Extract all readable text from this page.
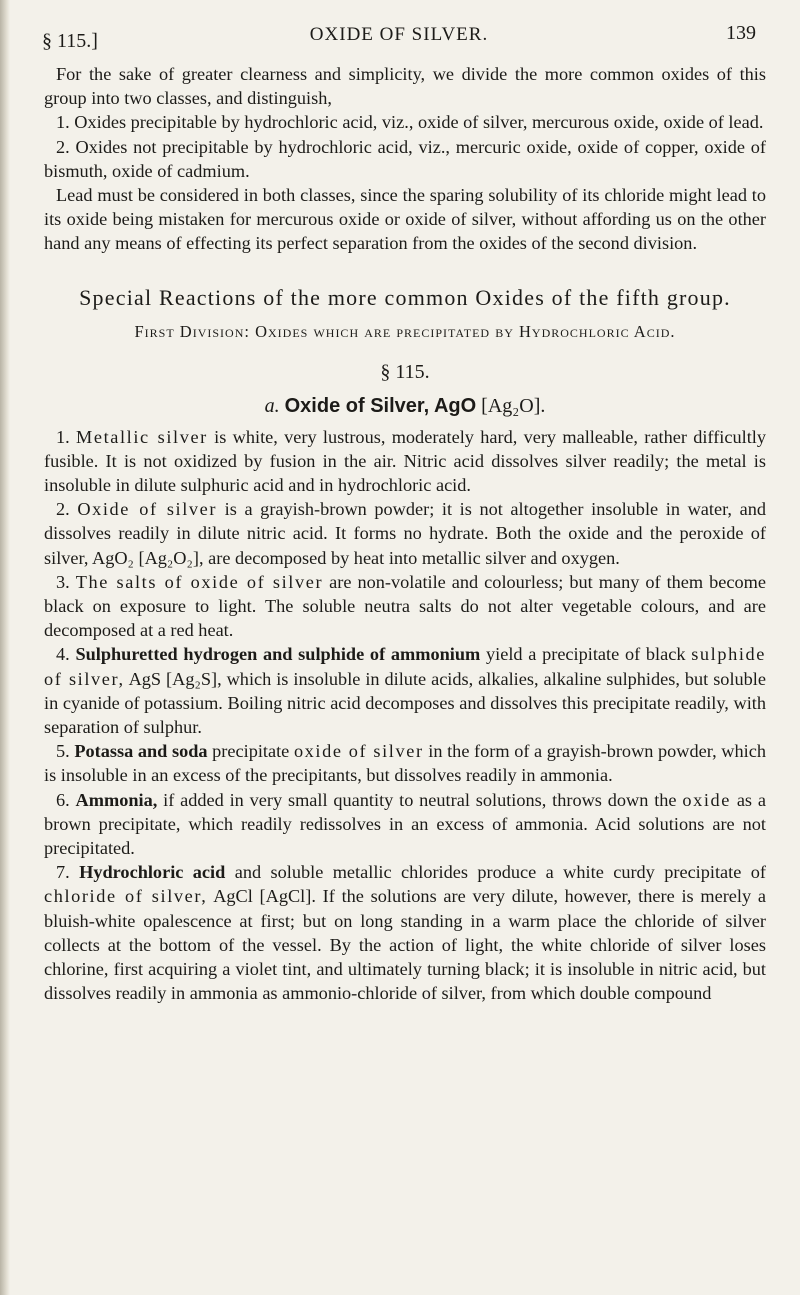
§ 115.]	OXIDE OF SILVER.	139

For the sake of greater clearness and simplicity, we divide the more common oxides of this group into two classes, and distinguish,

1. Oxides precipitable by hydrochloric acid, viz., oxide of silver, mercurous oxide, oxide of lead.

2. Oxides not precipitable by hydrochloric acid, viz., mercuric oxide, oxide of copper, oxide of bismuth, oxide of cadmium.

Lead must be considered in both classes, since the sparing solubility of its chloride might lead to its oxide being mistaken for mercurous oxide or oxide of silver, without affording us on the other hand any means of effecting its perfect separation from the oxides of the second division.

Special Reactions of the more common Oxides of the fifth group.

First Division: Oxides which are precipitated by Hydrochloric Acid.

§ 115.

a. Oxide of Silver, AgO [Ag₂O].

1. Metallic silver is white, very lustrous, moderately hard, very malleable, rather difficultly fusible. It is not oxidized by fusion in the air. Nitric acid dissolves silver readily; the metal is insoluble in dilute sulphuric acid and in hydrochloric acid.

2. Oxide of silver is a grayish-brown powder; it is not altogether insoluble in water, and dissolves readily in dilute nitric acid. It forms no hydrate. Both the oxide and the peroxide of silver, AgO₂ [Ag₂O₂], are decomposed by heat into metallic silver and oxygen.

3. The salts of oxide of silver are non-volatile and colourless; but many of them become black on exposure to light. The soluble neutra salts do not alter vegetable colours, and are decomposed at a red heat.

4. Sulphuretted hydrogen and sulphide of ammonium yield a precipitate of black sulphide of silver, AgS [Ag₂S], which is insoluble in dilute acids, alkalies, alkaline sulphides, but soluble in cyanide of potassium. Boiling nitric acid decomposes and dissolves this precipitate readily, with separation of sulphur.

5. Potassa and soda precipitate oxide of silver in the form of a grayish-brown powder, which is insoluble in an excess of the precipitants, but dissolves readily in ammonia.

6. Ammonia, if added in very small quantity to neutral solutions, throws down the oxide as a brown precipitate, which readily redissolves in an excess of ammonia. Acid solutions are not precipitated.

7. Hydrochloric acid and soluble metallic chlorides produce a white curdy precipitate of chloride of silver, AgCl [AgCl]. If the solutions are very dilute, however, there is merely a bluish-white opalescence at first; but on long standing in a warm place the chloride of silver collects at the bottom of the vessel. By the action of light, the white chloride of silver loses chlorine, first acquiring a violet tint, and ultimately turning black; it is insoluble in nitric acid, but dissolves readily in ammonia as ammonio-chloride of silver, from which double compound
